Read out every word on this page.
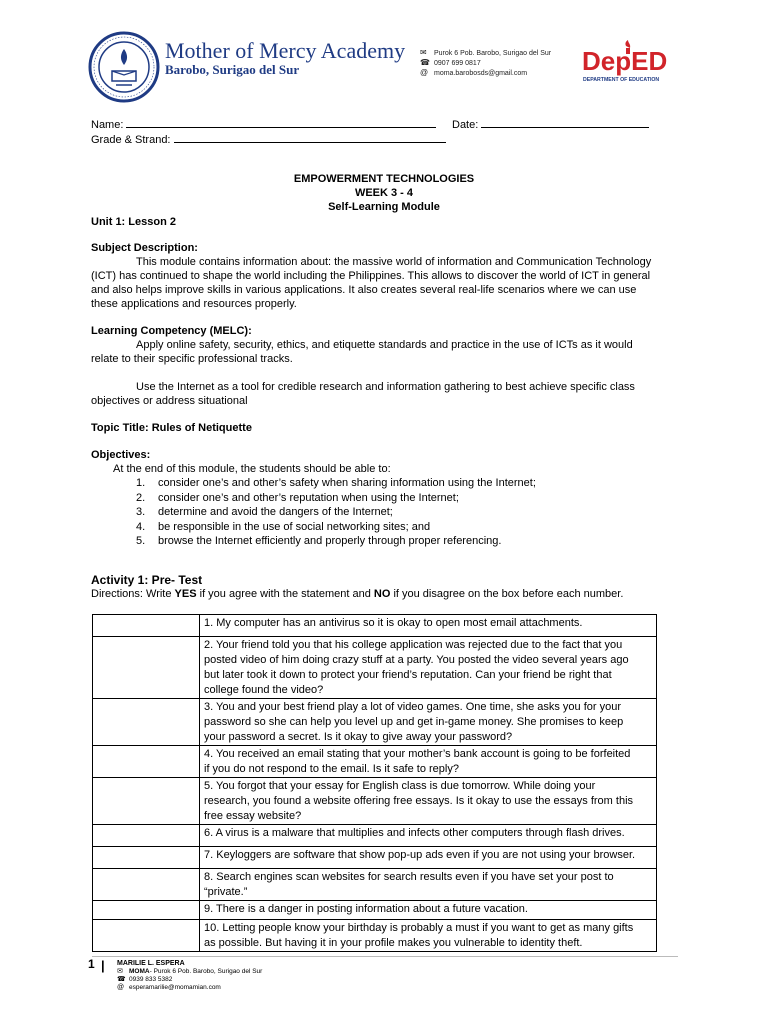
Mother of Mercy Academy
Barobo, Surigao del Sur
✉ Purok 6 Pob. Barobo, Surigao del Sur
☎ 0907 699 0817
@ moma.barobosds@gmail.com DepED
DEPARTMENT OF EDUCATION
Name:	Date:
Grade & Strand:
EMPOWERMENT TECHNOLOGIES
WEEK 3 - 4
Self-Learning Module
Unit 1: Lesson 2
Subject Description:
This module contains information about: the massive world of information and Communication Technology
(ICT) has continued to shape the world including the Philippines. This allows to discover the world of ICT in general
and also helps improve skills in various applications. It also creates several real-life scenarios where we can use
these applications and resources properly.
Learning Competency (MELC):
Apply online safety, security, ethics, and etiquette standards and practice in the use of ICTs as it would
relate to their specific professional tracks.
Use the Internet as a tool for credible research and information gathering to best achieve specific class
objectives or address situational
Topic Title: Rules of Netiquette
Objectives:
At the end of this module, the students should be able to:
1. consider one’s and other’s safety when sharing information using the Internet;
2. consider one’s and other’s reputation when using the Internet;
3. determine and avoid the dangers of the Internet;
4. be responsible in the use of social networking sites; and
5. browse the Internet efficiently and properly through proper referencing.
Activity 1: Pre- Test
Directions: Write YES if you agree with the statement and NO if you disagree on the box before each number.

	1. My computer has an antivirus so it is okay to open most email attachments.

	2. Your friend told you that his college application was rejected due to the fact that you
posted video of him doing crazy stuff at a party. You posted the video several years ago
but later took it down to protect your friend’s reputation. Can your friend be right that
college found the video?

	3. You and your best friend play a lot of video games. One time, she asks you for your
password so she can help you level up and get in-game money. She promises to keep
your password a secret. Is it okay to give away your password?

	4. You received an email stating that your mother’s bank account is going to be forfeited
if you do not respond to the email. Is it safe to reply?

	5. You forgot that your essay for English class is due tomorrow. While doing your
research, you found a website offering free essays. Is it okay to use the essays from this
free essay website?

	6. A virus is a malware that multiplies and infects other computers through flash drives.

	7. Keyloggers are software that show pop-up ads even if you are not using your browser.

	8. Search engines scan websites for search results even if you have set your post to
“private.”

	9. There is a danger in posting information about a future vacation.

	10. Letting people know your birthday is probably a must if you want to get as many gifts
as possible. But having it in your profile makes you vulnerable to identity theft.
1 | MARILIE L. ESPERA
✉ MOMA- Purok 6 Pob. Barobo, Surigao del Sur
☎ 0939 833 5382
@ esperamarilie@momamian.com
